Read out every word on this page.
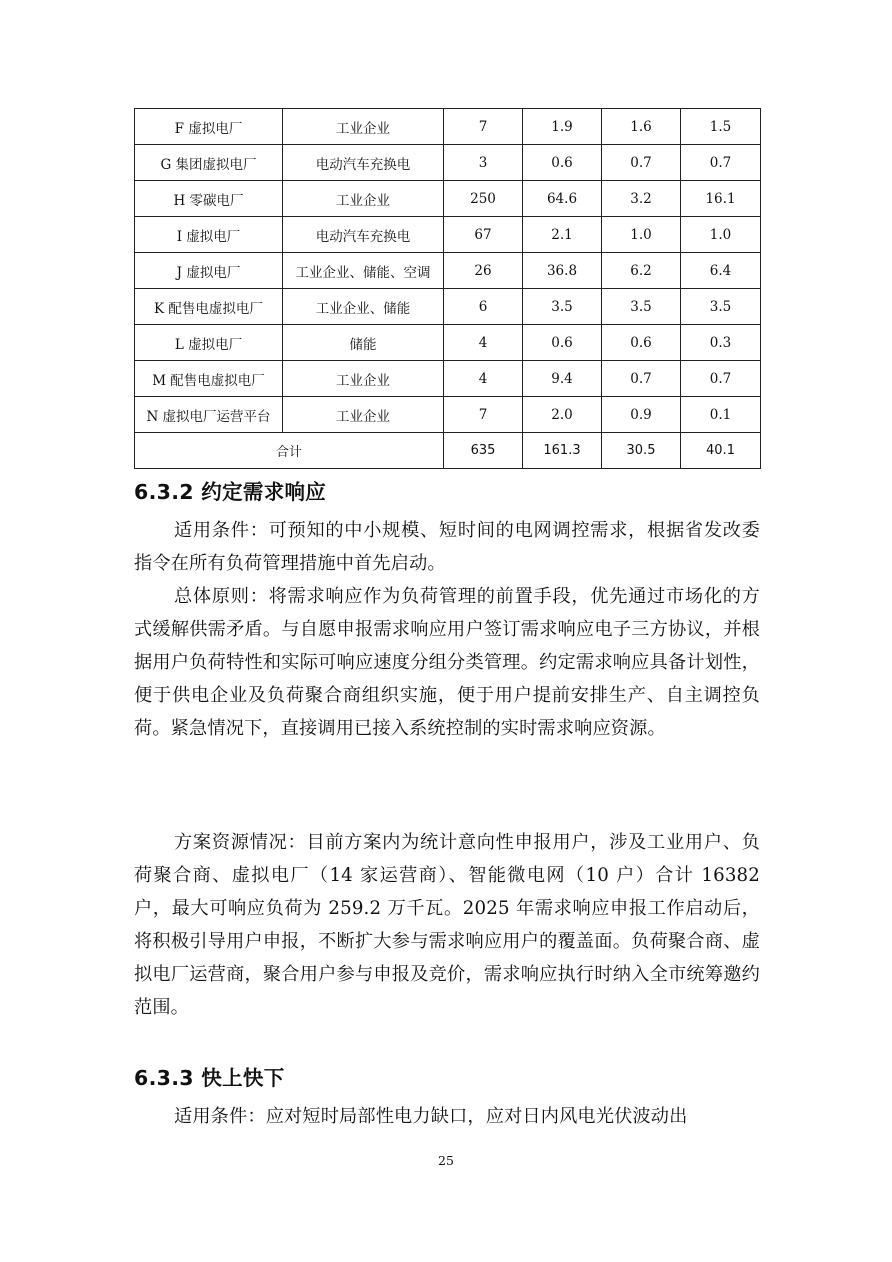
F 虚拟电厂	工业企业	7	1.9	1.6	1.5
G 集团虚拟电厂	电动汽车充换电	3	0.6	0.7	0.7
H 零碳电厂	工业企业	250	64.6	3.2	16.1
I 虚拟电厂	电动汽车充换电	67	2.1	1.0	1.0
J 虚拟电厂	工业企业、储能、空调	26	36.8	6.2	6.4
K 配售电虚拟电厂	工业企业、储能	6	3.5	3.5	3.5
L 虚拟电厂	储能	4	0.6	0.6	0.3
M 配售电虚拟电厂	工业企业	4	9.4	0.7	0.7
N 虚拟电厂运营平台	工业企业	7	2.0	0.9	0.1
合计		635	161.3	30.5	40.1
6.3.2 约定需求响应

适用条件：可预知的中小规模、短时间的电网调控需求，根据省发改委指令在所有负荷管理措施中首先启动。

总体原则：将需求响应作为负荷管理的前置手段，优先通过市场化的方式缓解供需矛盾。与自愿申报需求响应用户签订需求响应电子三方协议，并根据用户负荷特性和实际可响应速度分组分类管理。约定需求响应具备计划性，便于供电企业及负荷聚合商组织实施，便于用户提前安排生产、自主调控负荷。紧急情况下，直接调用已接入系统控制的实时需求响应资源。

方案资源情况：目前方案内为统计意向性申报用户，涉及工业用户、负荷聚合商、虚拟电厂（14 家运营商）、智能微电网（10 户）合计 16382 户，最大可响应负荷为 259.2 万千瓦。2025 年需求响应申报工作启动后，将积极引导用户申报，不断扩大参与需求响应用户的覆盖面。负荷聚合商、虚拟电厂运营商，聚合用户参与申报及竞价，需求响应执行时纳入全市统筹邀约范围。

6.3.3 快上快下

适用条件：应对短时局部性电力缺口，应对日内风电光伏波动出

25
